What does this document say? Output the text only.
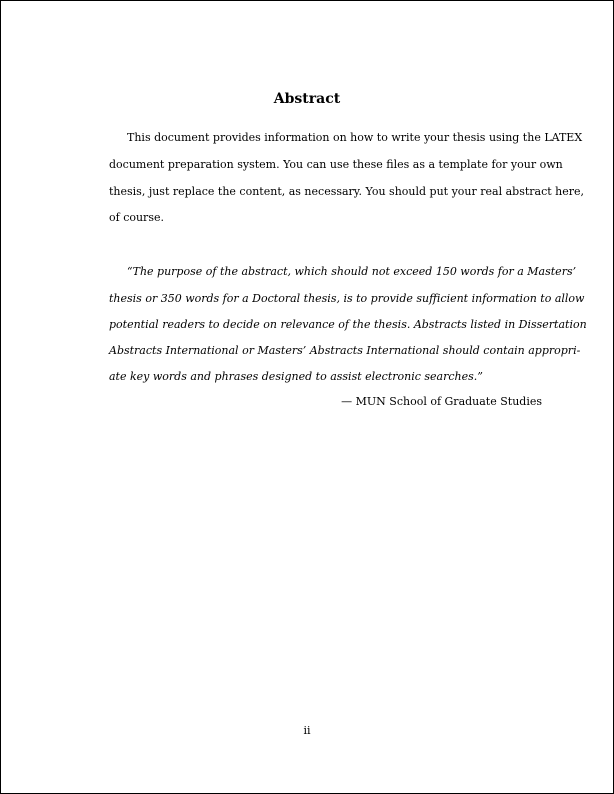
Abstract

This document provides information on how to write your thesis using the LATEX

document preparation system. You can use these files as a template for your own

thesis, just replace the content, as necessary. You should put your real abstract here,

of course.

“The purpose of the abstract, which should not exceed 150 words for a Masters’

thesis or 350 words for a Doctoral thesis, is to provide sufficient information to allow

potential readers to decide on relevance of the thesis. Abstracts listed in Dissertation

Abstracts International or Masters’ Abstracts International should contain appropri-

ate key words and phrases designed to assist electronic searches.”

— MUN School of Graduate Studies

ii
